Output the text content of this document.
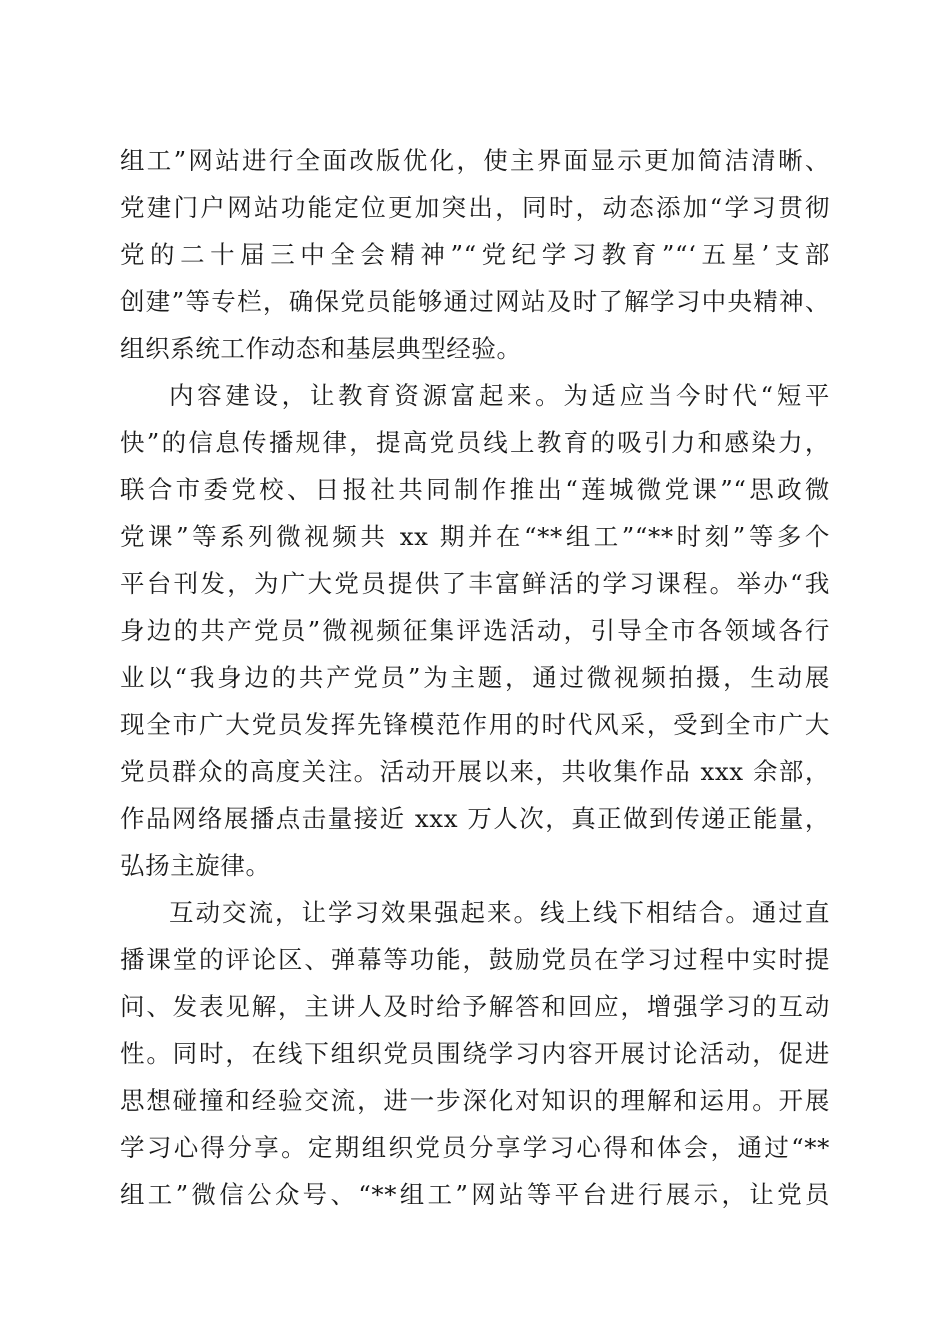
组工”网站进行全面改版优化，使主界面显示更加简洁清晰、
党建门户网站功能定位更加突出，同时，动态添加“学习贯彻
党的二十届三中全会精神”“党纪学习教育”“‘五星’支部
创建”等专栏，确保党员能够通过网站及时了解学习中央精神、
组织系统工作动态和基层典型经验。
内容建设，让教育资源富起来。为适应当今时代“短平
快”的信息传播规律，提高党员线上教育的吸引力和感染力，
联合市委党校、日报社共同制作推出“莲城微党课”“思政微
党课”等系列微视频共 xx 期并在“**组工”“**时刻”等多个
平台刊发，为广大党员提供了丰富鲜活的学习课程。举办“我
身边的共产党员”微视频征集评选活动，引导全市各领域各行
业以“我身边的共产党员”为主题，通过微视频拍摄，生动展
现全市广大党员发挥先锋模范作用的时代风采，受到全市广大
党员群众的高度关注。活动开展以来，共收集作品 xxx 余部，
作品网络展播点击量接近 xxx 万人次，真正做到传递正能量，
弘扬主旋律。
互动交流，让学习效果强起来。线上线下相结合。通过直
播课堂的评论区、弹幕等功能，鼓励党员在学习过程中实时提
问、发表见解，主讲人及时给予解答和回应，增强学习的互动
性。同时，在线下组织党员围绕学习内容开展讨论活动，促进
思想碰撞和经验交流，进一步深化对知识的理解和运用。开展
学习心得分享。定期组织党员分享学习心得和体会，通过“**
组工”微信公众号、“**组工”网站等平台进行展示，让党员
